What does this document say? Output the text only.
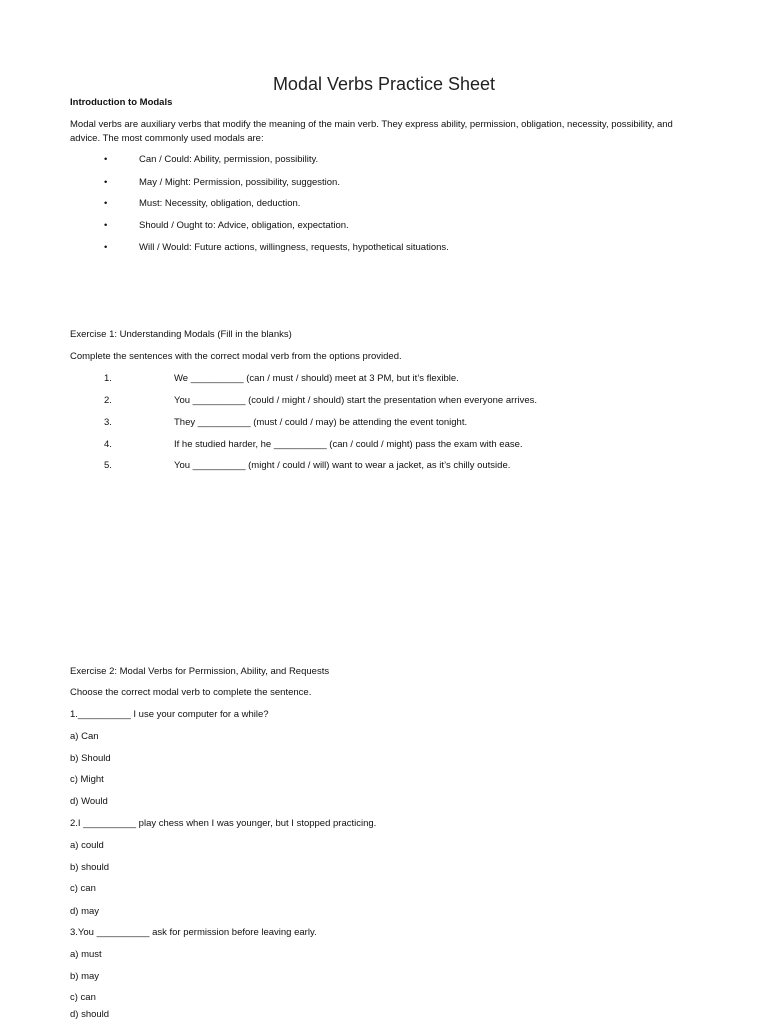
Modal Verbs Practice Sheet
Introduction to Modals
Modal verbs are auxiliary verbs that modify the meaning of the main verb. They express ability, permission, obligation, necessity, possibility, and advice. The most commonly used modals are:
•	Can / Could: Ability, permission, possibility.
•	May / Might: Permission, possibility, suggestion.
•	Must: Necessity, obligation, deduction.
•	Should / Ought to: Advice, obligation, expectation.
•	Will / Would: Future actions, willingness, requests, hypothetical situations.
Exercise 1: Understanding Modals (Fill in the blanks)
Complete the sentences with the correct modal verb from the options provided.
1.	We __________ (can / must / should) meet at 3 PM, but it’s flexible.
2.	You __________ (could / might / should) start the presentation when everyone arrives.
3.	They __________ (must / could / may) be attending the event tonight.
4.	If he studied harder, he __________ (can / could / might) pass the exam with ease.
5.	You __________ (might / could / will) want to wear a jacket, as it’s chilly outside.
Exercise 2: Modal Verbs for Permission, Ability, and Requests
Choose the correct modal verb to complete the sentence.
1.__________ I use your computer for a while?
a) Can
b) Should
c) Might
d) Would
2.I __________ play chess when I was younger, but I stopped practicing.
a) could
b) should
c) can
d) may
3.You __________ ask for permission before leaving early.
a) must
b) may
c) can
d) should
